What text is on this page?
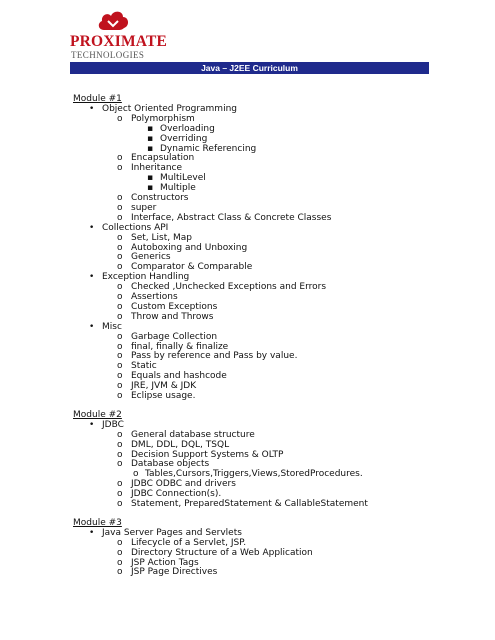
PROXIMATE
TECHNOLOGIES
Java – J2EE Curriculum
Module #1
Object Oriented Programming
•
Polymorphism
o
Overloading
▪
Overriding
▪
Dynamic Referencing
▪
Encapsulation
o
Inheritance
o
MultiLevel
▪
Multiple
▪
Constructors
o
super
o
Interface, Abstract Class & Concrete Classes
o
Collections API
•
Set, List, Map
o
Autoboxing and Unboxing
o
Generics
o
Comparator & Comparable
o
Exception Handling
•
Checked ,Unchecked Exceptions and Errors
o
Assertions
o
Custom Exceptions
o
Throw and Throws
o
Misc
•
Garbage Collection
o
final, finally & finalize
o
Pass by reference and Pass by value.
o
Static
o
Equals and hashcode
o
JRE, JVM & JDK
o
Eclipse usage.
o
Module #2
JDBC
•
General database structure
o
DML, DDL, DQL, TSQL
o
Decision Support Systems & OLTP
o
Database objects
o
Tables,Cursors,Triggers,Views,StoredProcedures.
o
JDBC ODBC and drivers
o
JDBC Connection(s).
o
Statement, PreparedStatement & CallableStatement
o
Module #3
Java Server Pages and Servlets
•
Lifecycle of a Servlet, JSP.
o
Directory Structure of a Web Application
o
JSP Action Tags
o
JSP Page Directives
o
